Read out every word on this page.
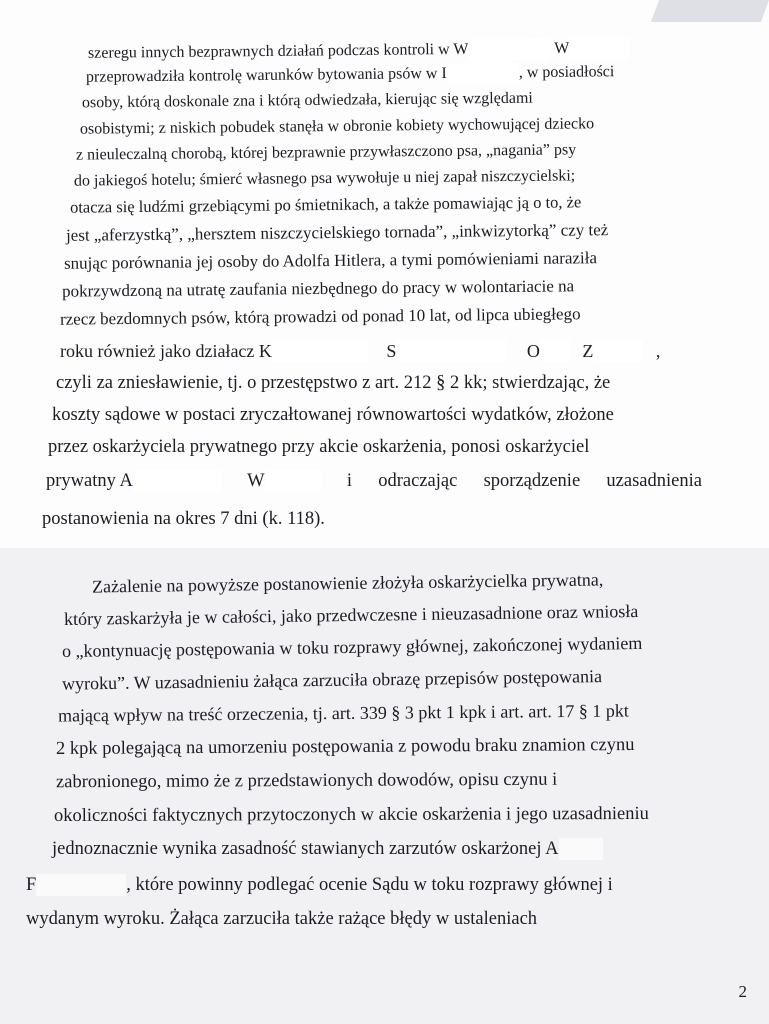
szeregu innych bezprawnych działań podczas kontroli w W	W
przeprowadziła kontrolę warunków bytowania psów w I	, w posiadłości
osoby, którą doskonale zna i którą odwiedzała, kierując się względami
osobistymi; z niskich pobudek stanęła w obronie kobiety wychowującej dziecko
z nieuleczalną chorobą, której bezprawnie przywłaszczono psa, „nagania” psy
do jakiegoś hotelu; śmierć własnego psa wywołuje u niej zapał niszczycielski;
otacza się ludźmi grzebiącymi po śmietnikach, a także pomawiając ją o to, że
jest „aferzystką”, „hersztem niszczycielskiego tornada”, „inkwizytorką” czy też
snując porównania jej osoby do Adolfa Hitlera, a tymi pomówieniami naraziła
pokrzywdzoną na utratę zaufania niezbędnego do pracy w wolontariacie na
rzecz bezdomnych psów, którą prowadzi od ponad 10 lat, od lipca ubiegłego
roku również jako działacz K	S	O Z	,
czyli za zniesławienie, tj. o przestępstwo z art. 212 § 2 kk; stwierdzając, że
koszty sądowe w postaci zryczałtowanej równowartości wydatków, złożone
przez oskarżyciela prywatnego przy akcie oskarżenia, ponosi oskarżyciel
prywatny A	W	i odraczając sporządzenie uzasadnienia
postanowienia na okres 7 dni (k. 118).
Zażalenie na powyższe postanowienie złożyła oskarżycielka prywatna,
który zaskarżyła je w całości, jako przedwczesne i nieuzasadnione oraz wniosła
o „kontynuację postępowania w toku rozprawy głównej, zakończonej wydaniem
wyroku”. W uzasadnieniu żałąca zarzuciła obrazę przepisów postępowania
mającą wpływ na treść orzeczenia, tj. art. 339 § 3 pkt 1 kpk i art. art. 17 § 1 pkt
2 kpk polegającą na umorzeniu postępowania z powodu braku znamion czynu
zabronionego, mimo że z przedstawionych dowodów, opisu czynu i
okoliczności faktycznych przytoczonych w akcie oskarżenia i jego uzasadnieniu
jednoznacznie wynika zasadność stawianych zarzutów oskarżonej A
F	, które powinny podlegać ocenie Sądu w toku rozprawy głównej i
wydanym wyroku. Żałąca zarzuciła także rażące błędy w ustaleniach
2
